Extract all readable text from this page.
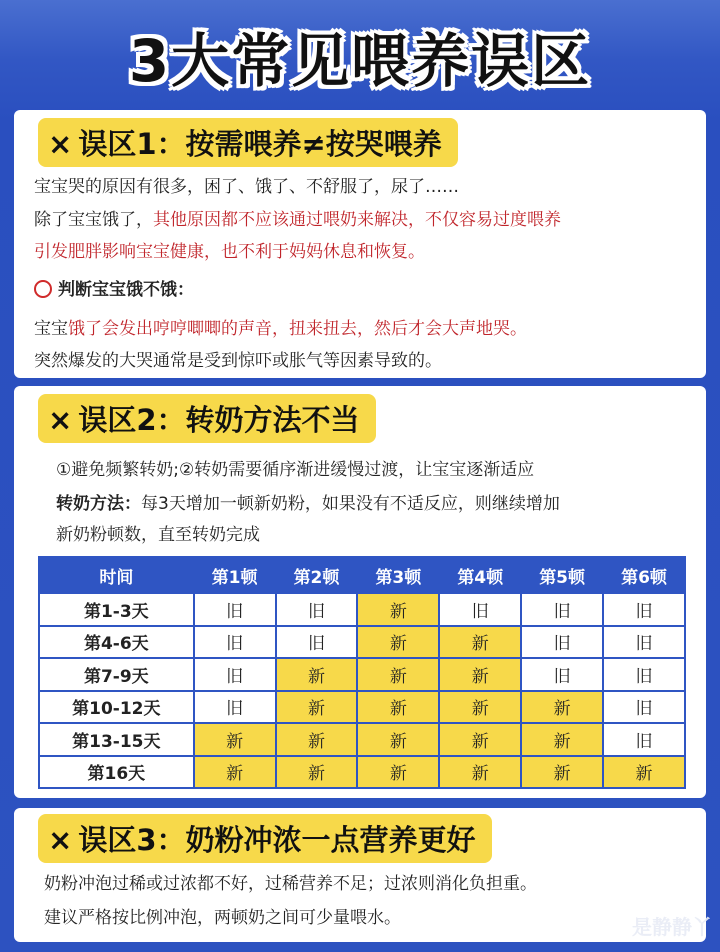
3大常见喂养误区
× 误区1：按需喂养≠按哭喂养
宝宝哭的原因有很多，困了、饿了、不舒服了，尿了……
除了宝宝饿了，其他原因都不应该通过喂奶来解决，不仅容易过度喂养
引发肥胖影响宝宝健康，也不利于妈妈休息和恢复。
判断宝宝饿不饿：
宝宝饿了会发出哼哼唧唧的声音，扭来扭去，然后才会大声地哭。
突然爆发的大哭通常是受到惊吓或胀气等因素导致的。
× 误区2：转奶方法不当
①避免频繁转奶;②转奶需要循序渐进缓慢过渡，让宝宝逐渐适应
转奶方法：每3天增加一顿新奶粉，如果没有不适反应，则继续增加
新奶粉顿数，直至转奶完成
时间	第1顿	第2顿	第3顿	第4顿	第5顿	第6顿
第1-3天	旧	旧	新	旧	旧	旧
第4-6天	旧	旧	新	新	旧	旧
第7-9天	旧	新	新	新	旧	旧
第10-12天	旧	新	新	新	新	旧
第13-15天	新	新	新	新	新	旧
第16天	新	新	新	新	新	新
× 误区3：奶粉冲浓一点营养更好
奶粉冲泡过稀或过浓都不好，过稀营养不足；过浓则消化负担重。
建议严格按比例冲泡，两顿奶之间可少量喂水。	是静静丫
